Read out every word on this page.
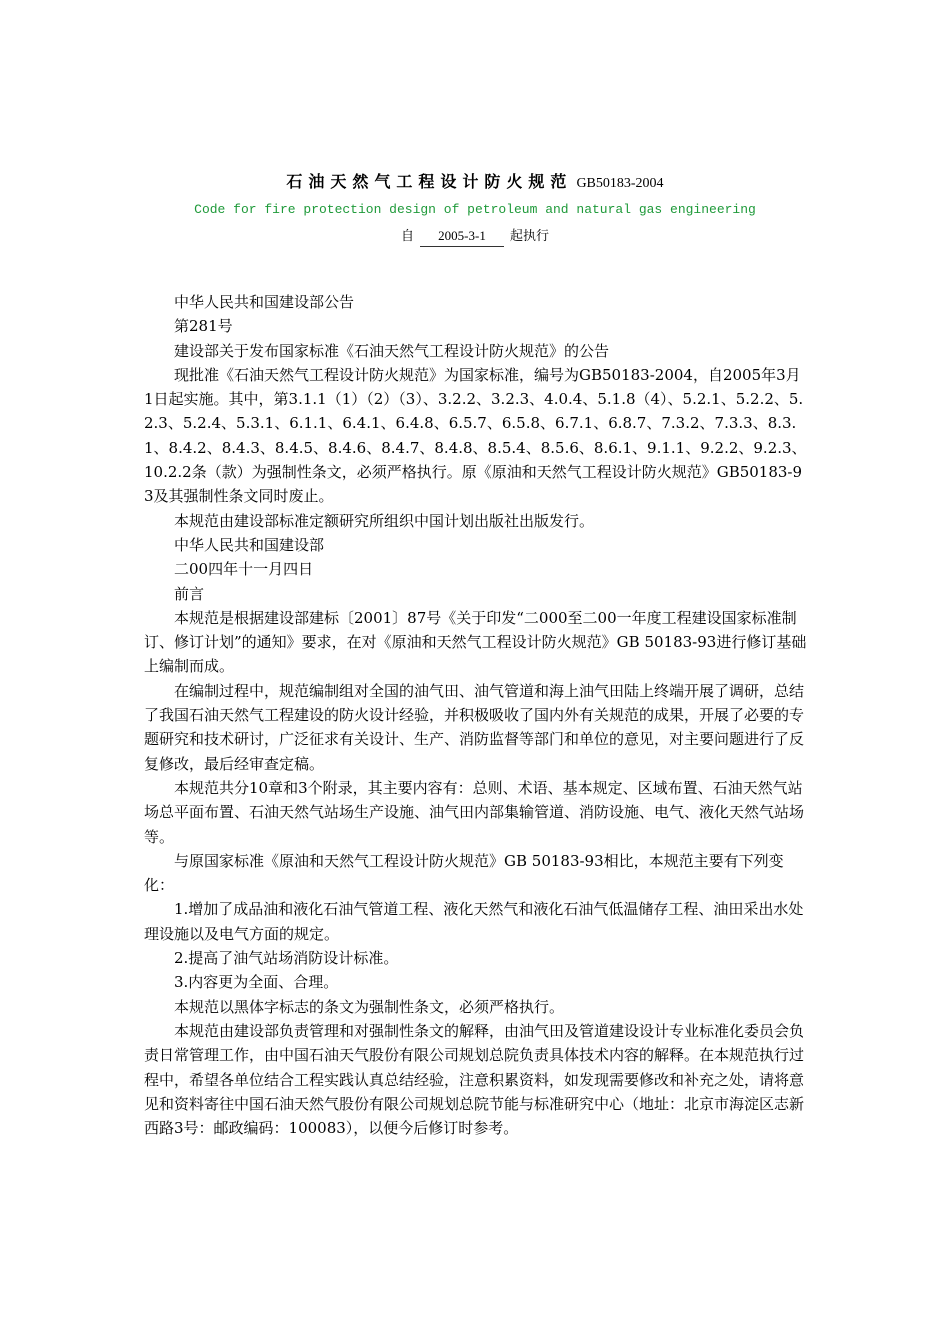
石油天然气工程设计防火规范 GB50183-2004
Code for fire protection design of petroleum and natural gas engineering
自 2005-3-1 起执行

中华人民共和国建设部公告

第281号

建设部关于发布国家标准《石油天然气工程设计防火规范》的公告

现批准《石油天然气工程设计防火规范》为国家标准，编号为GB50183-2004，自2005年3月1日起实施。其中，第3.1.1（1）（2）（3）、3.2.2、3.2.3、4.0.4、5.1.8（4）、5.2.1、5.2.2、5.2.3、5.2.4、5.3.1、6.1.1、6.4.1、6.4.8、6.5.7、6.5.8、6.7.1、6.8.7、7.3.2、7.3.3、8.3.1、8.4.2、8.4.3、8.4.5、8.4.6、8.4.7、8.4.8、8.5.4、8.5.6、8.6.1、9.1.1、9.2.2、9.2.3、10.2.2条（款）为强制性条文，必须严格执行。原《原油和天然气工程设计防火规范》GB50183-93及其强制性条文同时废止。

本规范由建设部标准定额研究所组织中国计划出版社出版发行。

中华人民共和国建设部

二00四年十一月四日

前言

本规范是根据建设部建标〔2001〕87号《关于印发“二000至二00一年度工程建设国家标准制订、修订计划”的通知》要求，在对《原油和天然气工程设计防火规范》GB 50183-93进行修订基础上编制而成。

在编制过程中，规范编制组对全国的油气田、油气管道和海上油气田陆上终端开展了调研，总结了我国石油天然气工程建设的防火设计经验，并积极吸收了国内外有关规范的成果，开展了必要的专题研究和技术研讨，广泛征求有关设计、生产、消防监督等部门和单位的意见，对主要问题进行了反复修改，最后经审查定稿。

本规范共分10章和3个附录，其主要内容有：总则、术语、基本规定、区域布置、石油天然气站场总平面布置、石油天然气站场生产设施、油气田内部集输管道、消防设施、电气、液化天然气站场等。

与原国家标准《原油和天然气工程设计防火规范》GB 50183-93相比，本规范主要有下列变化：

1.增加了成品油和液化石油气管道工程、液化天然气和液化石油气低温储存工程、油田采出水处理设施以及电气方面的规定。

2.提高了油气站场消防设计标准。

3.内容更为全面、合理。

本规范以黑体字标志的条文为强制性条文，必须严格执行。

本规范由建设部负责管理和对强制性条文的解释，由油气田及管道建设设计专业标准化委员会负责日常管理工作，由中国石油天气股份有限公司规划总院负责具体技术内容的解释。在本规范执行过程中，希望各单位结合工程实践认真总结经验，注意积累资料，如发现需要修改和补充之处，请将意见和资料寄往中国石油天然气股份有限公司规划总院节能与标准研究中心（地址：北京市海淀区志新西路3号：邮政编码：100083），以便今后修订时参考。
